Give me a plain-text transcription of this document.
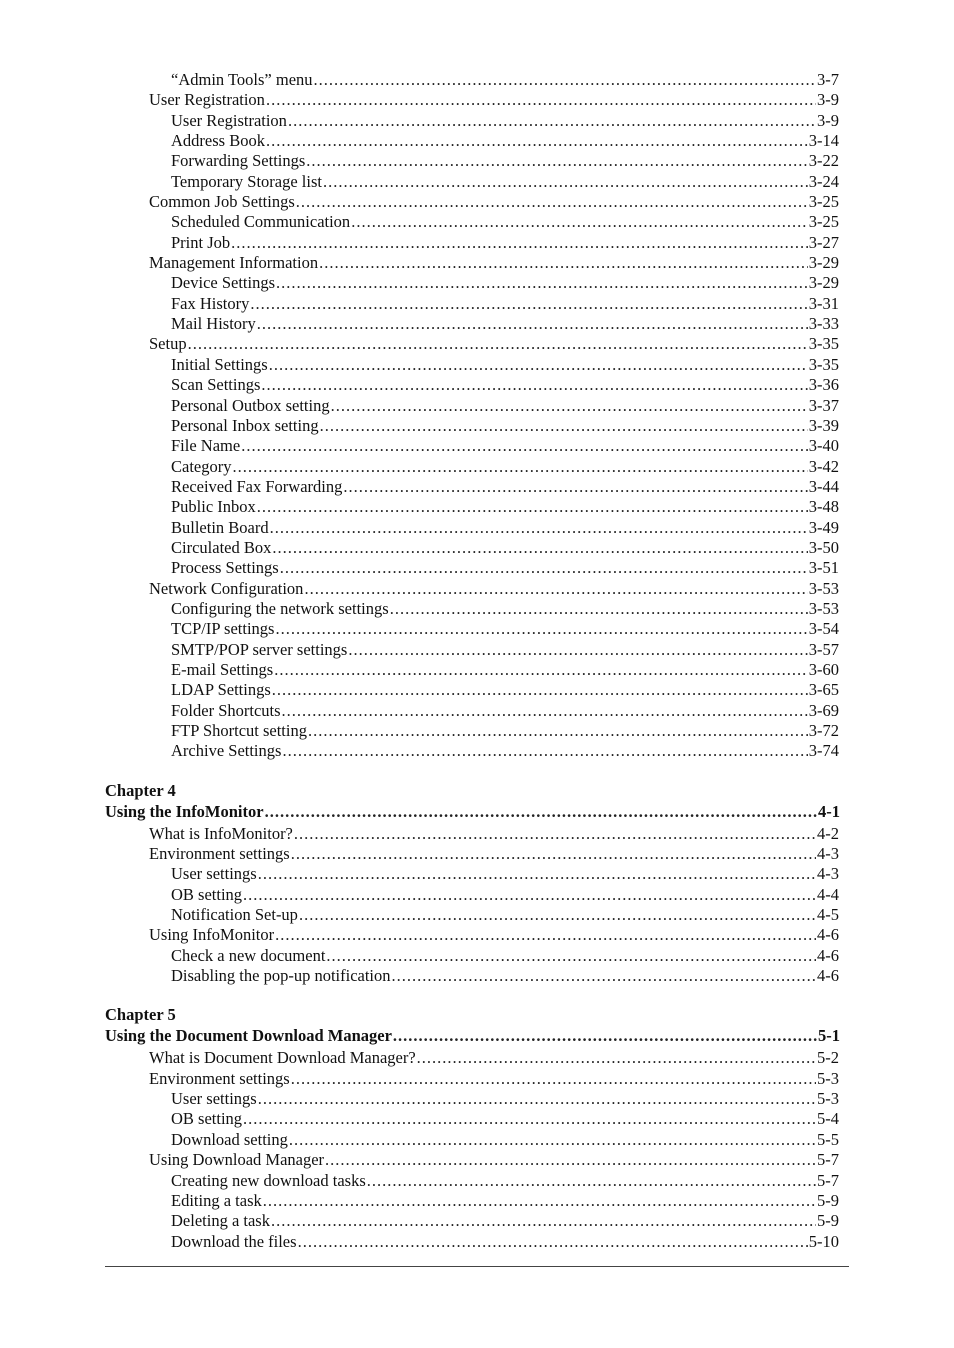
“Admin Tools” menu .....	3-7
User Registration .....	3-9
User Registration .....	3-9
Address Book .....	3-14
Forwarding Settings .....	3-22
Temporary Storage list .....	3-24
Common Job Settings .....	3-25
Scheduled Communication .....	3-25
Print Job .....	3-27
Management Information .....	3-29
Device Settings .....	3-29
Fax History .....	3-31
Mail History .....	3-33
Setup .....	3-35
Initial Settings .....	3-35
Scan Settings .....	3-36
Personal Outbox setting .....	3-37
Personal Inbox setting .....	3-39
File Name .....	3-40
Category .....	3-42
Received Fax Forwarding .....	3-44
Public Inbox .....	3-48
Bulletin Board .....	3-49
Circulated Box .....	3-50
Process Settings .....	3-51
Network Configuration .....	3-53
Configuring the network settings .....	3-53
TCP/IP settings .....	3-54
SMTP/POP server settings .....	3-57
E-mail Settings .....	3-60
LDAP Settings .....	3-65
Folder Shortcuts .....	3-69
FTP Shortcut setting .....	3-72
Archive Settings .....	3-74
Chapter 4
Using the InfoMonitor .....	4-1
What is InfoMonitor? .....	4-2
Environment settings .....	4-3
User settings .....	4-3
OB setting .....	4-4
Notification Set-up .....	4-5
Using InfoMonitor .....	4-6
Check a new document .....	4-6
Disabling the pop-up notification .....	4-6
Chapter 5
Using the Document Download Manager .....	5-1
What is Document Download Manager? .....	5-2
Environment settings .....	5-3
User settings .....	5-3
OB setting .....	5-4
Download setting .....	5-5
Using Download Manager .....	5-7
Creating new download tasks .....	5-7
Editing a task .....	5-9
Deleting a task .....	5-9
Download the files .....	5-10
